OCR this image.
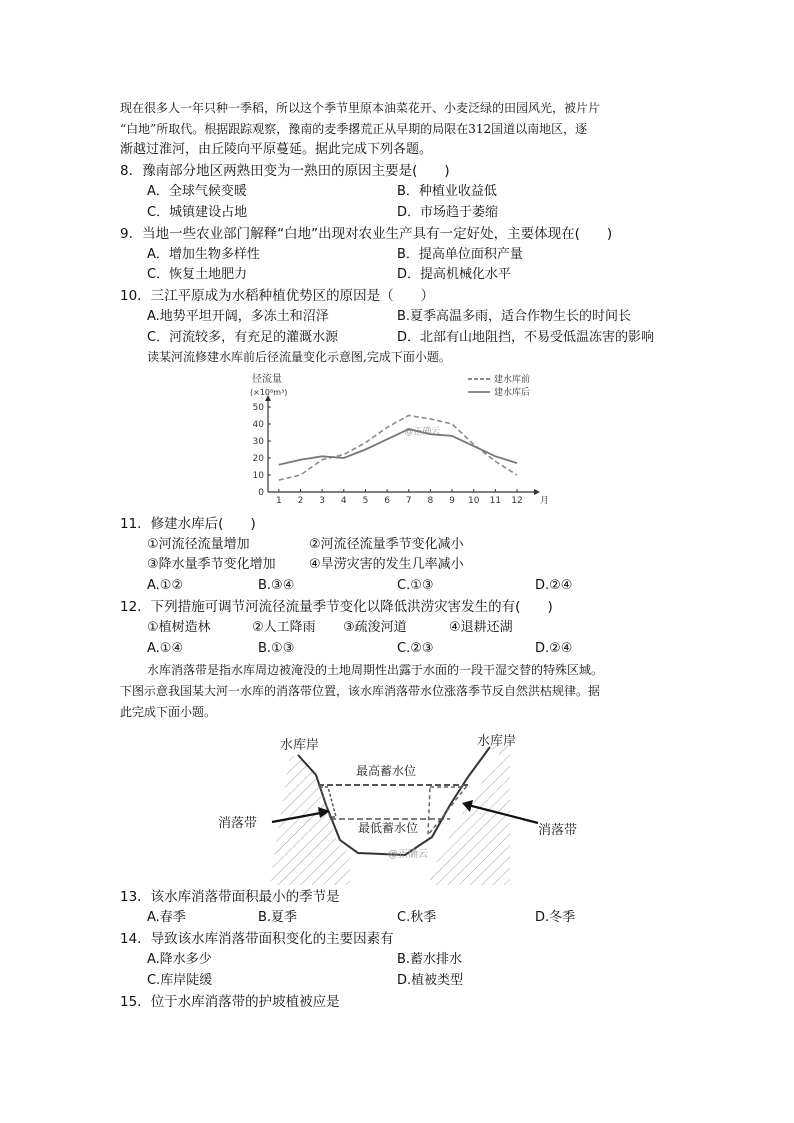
现在很多人一年只种一季稻，所以这个季节里原本油菜花开、小麦泛绿的田园风光，被片片
“白地”所取代。根据跟踪观察，豫南的麦季撂荒正从早期的局限在312国道以南地区，逐
渐越过淮河，由丘陵向平原蔓延。据此完成下列各题。
8．豫南部分地区两熟田变为一熟田的原因主要是(　　)
A．全球气候变暖	B．种植业收益低
C．城镇建设占地	D．市场趋于萎缩
9．当地一些农业部门解释“白地”出现对农业生产具有一定好处，主要体现在(　　)
A．增加生物多样性	B．提高单位面积产量
C．恢复土地肥力	D．提高机械化水平
10．三江平原成为水稻种植优势区的原因是（　　）
A.地势平坦开阔，多冻土和沼泽	B.夏季高温多雨，适合作物生长的时间长
C．河流较多，有充足的灌溉水源	D．北部有山地阻挡，不易受低温冻害的影响
读某河流修建水库前后径流量变化示意图,完成下面小题。
0
10
20
30
40
50
1 2 3 4 5 6 7 8 9 10 11 12 月
径流量
(×10⁸m³)
建水库前
建水库后
@正确云
11．修建水库后(　　)
①河流径流量增加	②河流径流量季节变化减小
③降水量季节变化增加	④旱涝灾害的发生几率减小
A.①②	B.③④	C.①③	D.②④
12．下列措施可调节河流径流量季节变化以降低洪涝灾害发生的有(　　)
①植树造林	②人工降雨 ③疏浚河道	④退耕还湖
A.①④	B.①③	C.②③	D.②④
水库消落带是指水库周边被淹没的土地周期性出露于水面的一段干湿交替的特殊区域。
下图示意我国某大河一水库的消落带位置，该水库消落带水位涨落季节反自然洪枯规律。据
此完成下面小题。
水库岸	水库岸
最高蓄水位
最低蓄水位
消落带	消落带
@正确云
13．该水库消落带面积最小的季节是
A.春季	B.夏季	C.秋季	D.冬季
14．导致该水库消落带面积变化的主要因素有
A.降水多少	B.蓄水排水
C.库岸陡缓	D.植被类型
15．位于水库消落带的护坡植被应是
